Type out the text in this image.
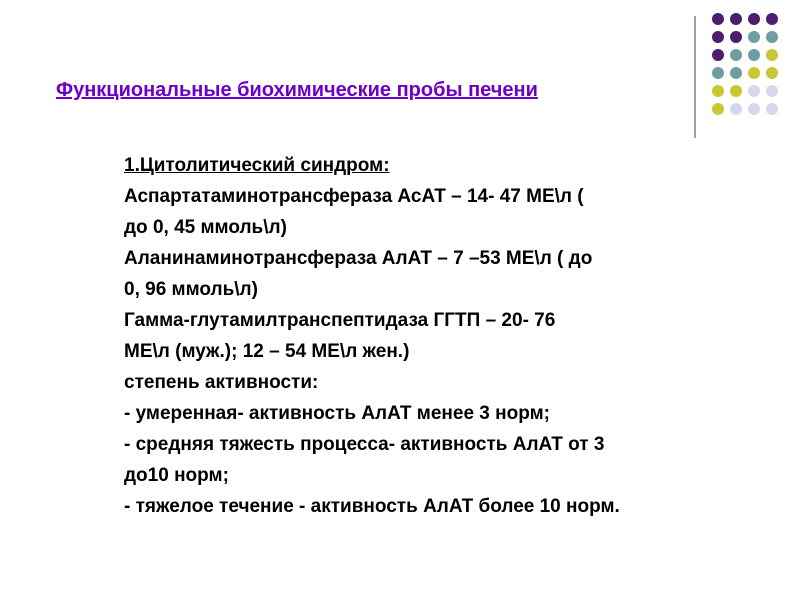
Функциональные биохимические пробы печени
1.Цитолитический синдром:
Аспартатаминотрансфераза АсАТ – 14- 47 МЕ\л (
до 0, 45 ммоль\л)
Аланинаминотрансфераза АлАТ – 7 –53 МЕ\л ( до
0, 96 ммоль\л)
Гамма-глутамилтранспептидаза ГГТП – 20- 76
МЕ\л (муж.); 12 – 54 МЕ\л жен.)
степень активности:
- умеренная- активность АлАТ менее 3 норм;
- средняя тяжесть процесса- активность АлАТ от 3
до10 норм;
- тяжелое течение - активность АлАТ более 10 норм.
